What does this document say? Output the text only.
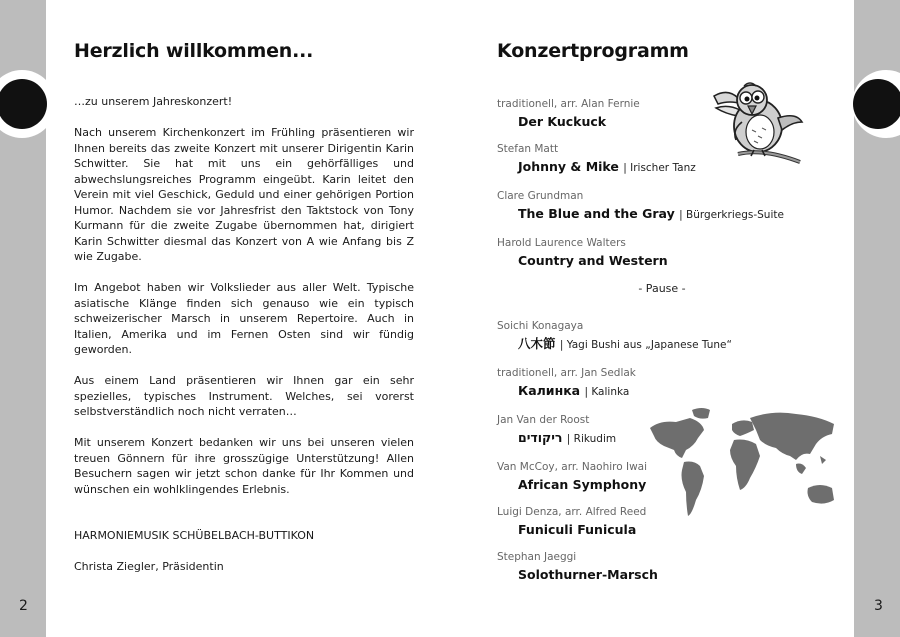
Herzlich willkommen...

…zu unserem Jahreskonzert!

Nach unserem Kirchenkonzert im Frühling präsentieren wir Ihnen bereits das zweite Konzert mit unserer Dirigentin Karin Schwitter. Sie hat mit uns ein gehörfälliges und abwechslungsreiches Programm eingeübt. Karin leitet den Verein mit viel Geschick, Geduld und einer gehörigen Portion Humor. Nachdem sie vor Jahresfrist den Taktstock von Tony Kurmann für die zweite Zugabe übernommen hat, dirigiert Karin Schwitter diesmal das Konzert von A wie Anfang bis Z wie Zugabe.

Im Angebot haben wir Volkslieder aus aller Welt. Typische asiatische Klänge finden sich genauso wie ein typisch schweizerischer Marsch in unserem Repertoire. Auch in Italien, Amerika und im Fernen Osten sind wir fündig geworden.

Aus einem Land präsentieren wir Ihnen gar ein sehr spezielles, typisches Instrument. Welches, sei vorerst selbstverständlich noch nicht verraten…

Mit unserem Konzert bedanken wir uns bei unseren vielen treuen Gönnern für ihre grosszügige Unterstützung! Allen Besuchern sagen wir jetzt schon danke für Ihr Kommen und wünschen ein wohlklingendes Erlebnis.

HARMONIEMUSIK SCHÜBELBACH-BUTTIKON

Christa Ziegler, Präsidentin

2
Konzertprogramm
traditionell, arr. Alan Fernie
Der Kuckuck
Stefan Matt
Johnny & Mike | Irischer Tanz
Clare Grundman
The Blue and the Gray | Bürgerkriegs-Suite
Harold Laurence Walters
Country and Western
- Pause -
Soichi Konagaya
八木節 | Yagi Bushi aus „Japanese Tune“
traditionell, arr. Jan Sedlak
Калинка | Kalinka
Jan Van der Roost
ריקודים | Rikudim
Van McCoy, arr. Naohiro Iwai
African Symphony
Luigi Denza, arr. Alfred Reed
Funiculi Funicula
Stephan Jaeggi
Solothurner-Marsch
3
